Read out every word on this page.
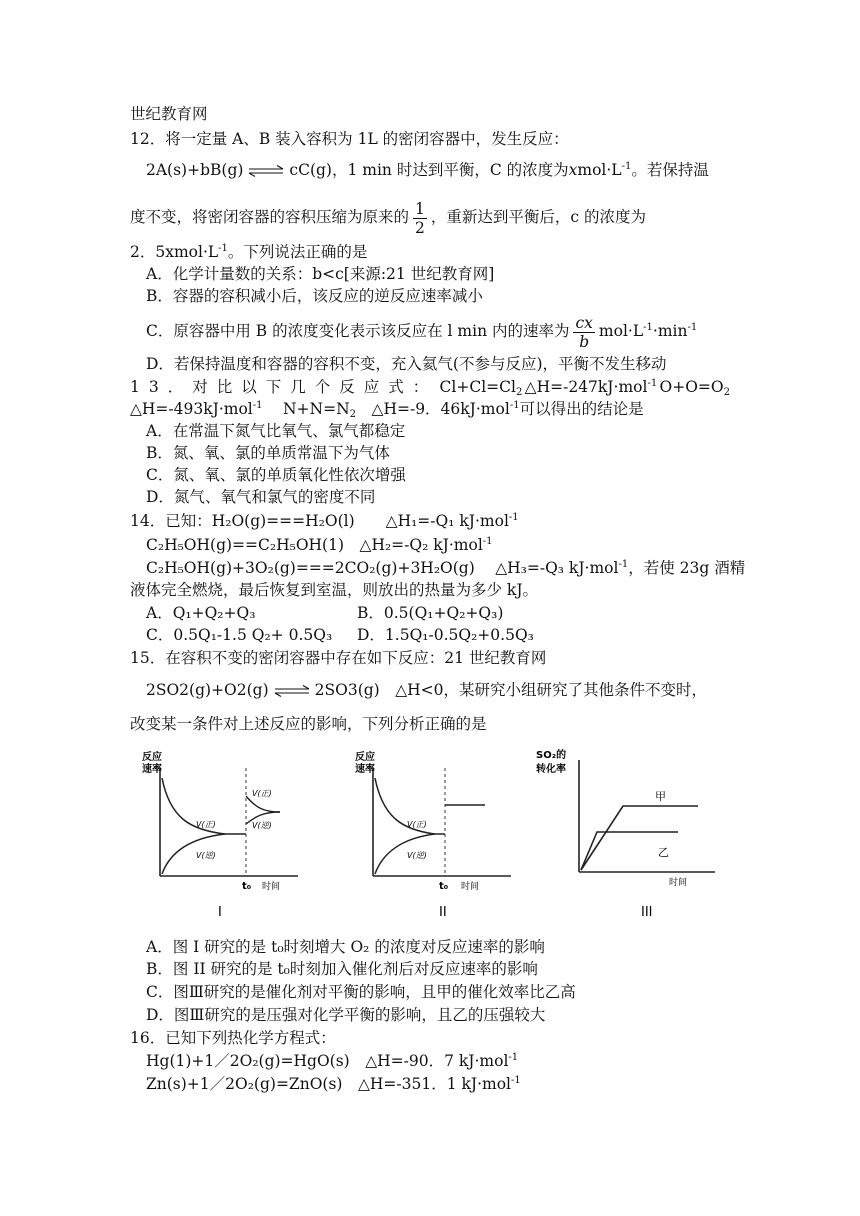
世纪教育网
12．将一定量 A、B 装入容积为 1L 的密闭容器中，发生反应：
2A(s)+bB(g) ⇌ cC(g)，1 min 时达到平衡，C 的浓度为$xmol\cdot L^{-1}$。若保持温
度不变，将密闭容器的容积压缩为原来的 $\frac{1}{2}$ ，重新达到平衡后，c 的浓度为
2．$5xmol\cdot L^{-1}$。下列说法正确的是
A．化学计量数的关系：b<c[来源:21 世纪教育网]
B．容器的容积减小后，该反应的逆反应速率减小
C．原容器中用 B 的浓度变化表示该反应在 l min 内的速率为 $\frac{cx}{b} mol\cdot L^{-1}\cdot\min^{-1}$
D．若保持温度和容器的容积不变，充入氦气(不参与反应)，平衡不发生移动
13．对比以下几个反应式： $Cl+Cl=Cl_2$ △H=-247kJ·mol$^{-1}$ $O+O=O_2$
△H=-493kJ·mol$^{-1}$　 $N+N=N_2$　 △H=-9．46kJ·mol$^{-1}$可以得出的结论是
A．在常温下氮气比氧气、氯气都稳定
B．氮、氧、氯的单质常温下为气体
C．氮、氧、氯的单质氧化性依次增强
D．氮气、氧气和氯气的密度不同
14．已知：H₂O(g)===H₂O(l)　　 △H₁=-Q₁ kJ·mol$^{-1}$
C₂H₅OH(g)==C₂H₅OH(1)　 △H₂=-Q₂ kJ·mol$^{-1}$
C₂H₅OH(g)+3O₂(g)===2CO₂(g)+3H₂O(g)　 △H₃=-Q₃ kJ·mol$^{-1}$，若使 23g 酒精
液体完全燃烧，最后恢复到室温，则放出的热量为多少 kJ。
A．Q₁+Q₂+Q₃	B．0.5(Q₁+Q₂+Q₃)
C．0.5Q₁-1.5 Q₂+ 0.5Q₃ D．1.5Q₁-0.5Q₂+0.5Q₃
15．在容积不变的密闭容器中存在如下反应：21 世纪教育网
2SO2(g)+O2(g) ⇌ 2SO3(g)　△H<0，某研究小组研究了其他条件不变时，
改变某一条件对上述反应的影响，下列分析正确的是
反应
速率
V(正)
V(逆)
V(正)
V(逆)
t₀ 时间
I
反应
速率
V(正)
V(逆)
t₀ 时间
II
SO₂的
转化率
甲
乙
时间
III
A．图 I 研究的是 t₀时刻增大 O₂ 的浓度对反应速率的影响
B．图 II 研究的是 t₀时刻加入催化剂后对反应速率的影响
C．图Ⅲ研究的是催化剂对平衡的影响，且甲的催化效率比乙高
D．图Ⅲ研究的是压强对化学平衡的影响，且乙的压强较大
16．已知下列热化学方程式：
Hg(1)+1／2O₂(g)=HgO(s)　△H=-90．7 kJ·mol$^{-1}$
Zn(s)+1／2O₂(g)=ZnO(s)　△H=-351．1 kJ·mol$^{-1}$
